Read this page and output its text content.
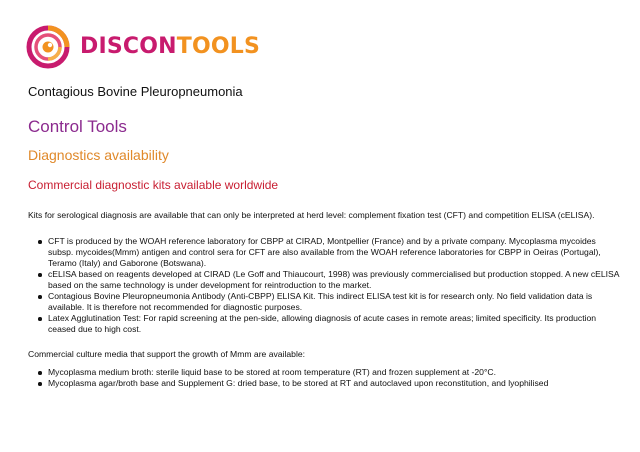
DISCONTOOLS
Contagious Bovine Pleuropneumonia
Control Tools
Diagnostics availability
Commercial diagnostic kits available worldwide
Kits for serological diagnosis are available that can only be interpreted at herd level: complement fixation test (CFT) and competition ELISA (cELISA).
CFT is produced by the WOAH reference laboratory for CBPP at CIRAD, Montpellier (France) and by a private company. Mycoplasma mycoides subsp. mycoides(Mmm) antigen and control sera for CFT are also available from the WOAH reference laboratories for CBPP in Oeiras (Portugal), Teramo (Italy) and Gaborone (Botswana).
cELISA based on reagents developed at CIRAD (Le Goff and Thiaucourt, 1998) was previously commercialised but production stopped. A new cELISA based on the same technology is under development for reintroduction to the market.
Contagious Bovine Pleuropneumonia Antibody (Anti-CBPP) ELISA Kit. This indirect ELISA test kit is for research only. No field validation data is available. It is therefore not recommended for diagnostic purposes.
Latex Agglutination Test: For rapid screening at the pen-side, allowing diagnosis of acute cases in remote areas; limited specificity. Its production ceased due to high cost.
Commercial culture media that support the growth of Mmm are available:
Mycoplasma medium broth: sterile liquid base to be stored at room temperature (RT) and frozen supplement at -20°C.
Mycoplasma agar/broth base and Supplement G: dried base, to be stored at RT and autoclaved upon reconstitution, and lyophilised
